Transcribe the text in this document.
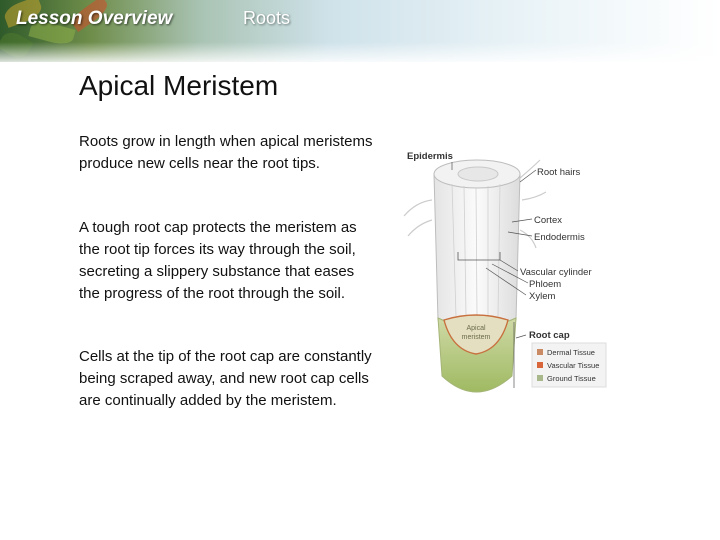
Lesson Overview	Roots
Apical Meristem

Roots grow in length when apical meristems produce new cells near the root tips.

A tough root cap protects the meristem as the root tip forces its way through the soil, secreting a slippery substance that eases the progress of the root through the soil.

Cells at the tip of the root cap are constantly being scraped away, and new root cap cells are continually added by the meristem.

Apical
meristem
Epidermis
Root hairs
Cortex
Endodermis
Vascular cylinder
Phloem
Xylem
Root cap
Dermal Tissue
Vascular Tissue
Ground Tissue
